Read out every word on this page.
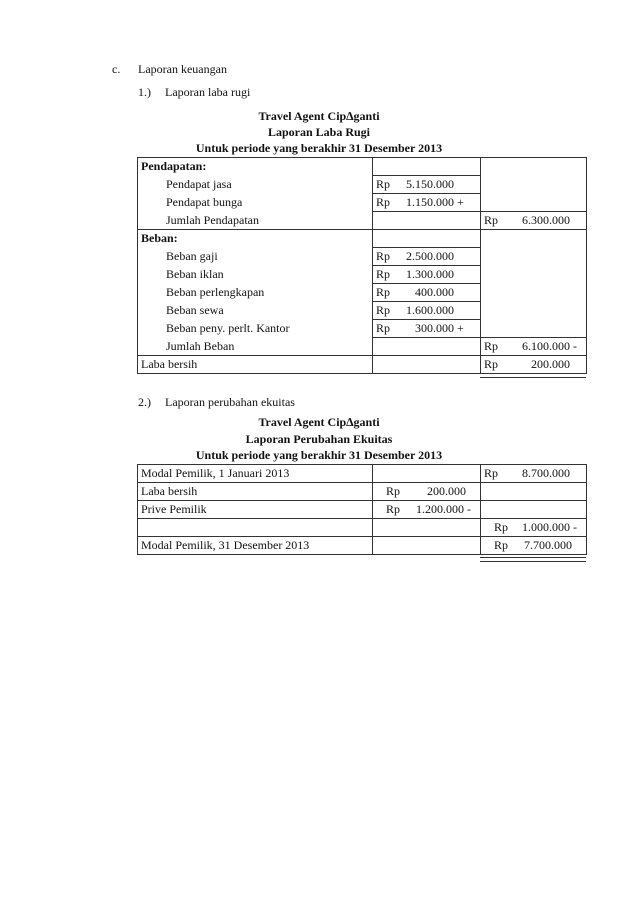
c. Laporan keuangan
1.) Laporan laba rugi
Travel Agent Cip∆ganti
Laporan Laba Rugi
Untuk periode yang berakhir 31 Desember 2013
Pendapatan:		
Pendapat jasa	Rp 5.150.000	
Pendapat bunga	Rp 1.150.000 +	
Jumlah Pendapatan		Rp 6.300.000
Beban:		
Beban gaji	Rp 2.500.000	
Beban iklan	Rp 1.300.000	
Beban perlengkapan	Rp 400.000	
Beban sewa	Rp 1.600.000	
Beban peny. perlt. Kantor	Rp 300.000 +	
Jumlah Beban		Rp 6.100.000 -
Laba bersih		Rp 200.000
2.) Laporan perubahan ekuitas
Travel Agent Cip∆ganti
Laporan Perubahan Ekuitas
Untuk periode yang berakhir 31 Desember 2013
Modal Pemilik, 1 Januari 2013		Rp 8.700.000
Laba bersih	Rp 200.000	
Prive Pemilik	Rp 1.200.000 -	
		Rp 1.000.000 -
Modal Pemilik, 31 Desember 2013		Rp 7.700.000
